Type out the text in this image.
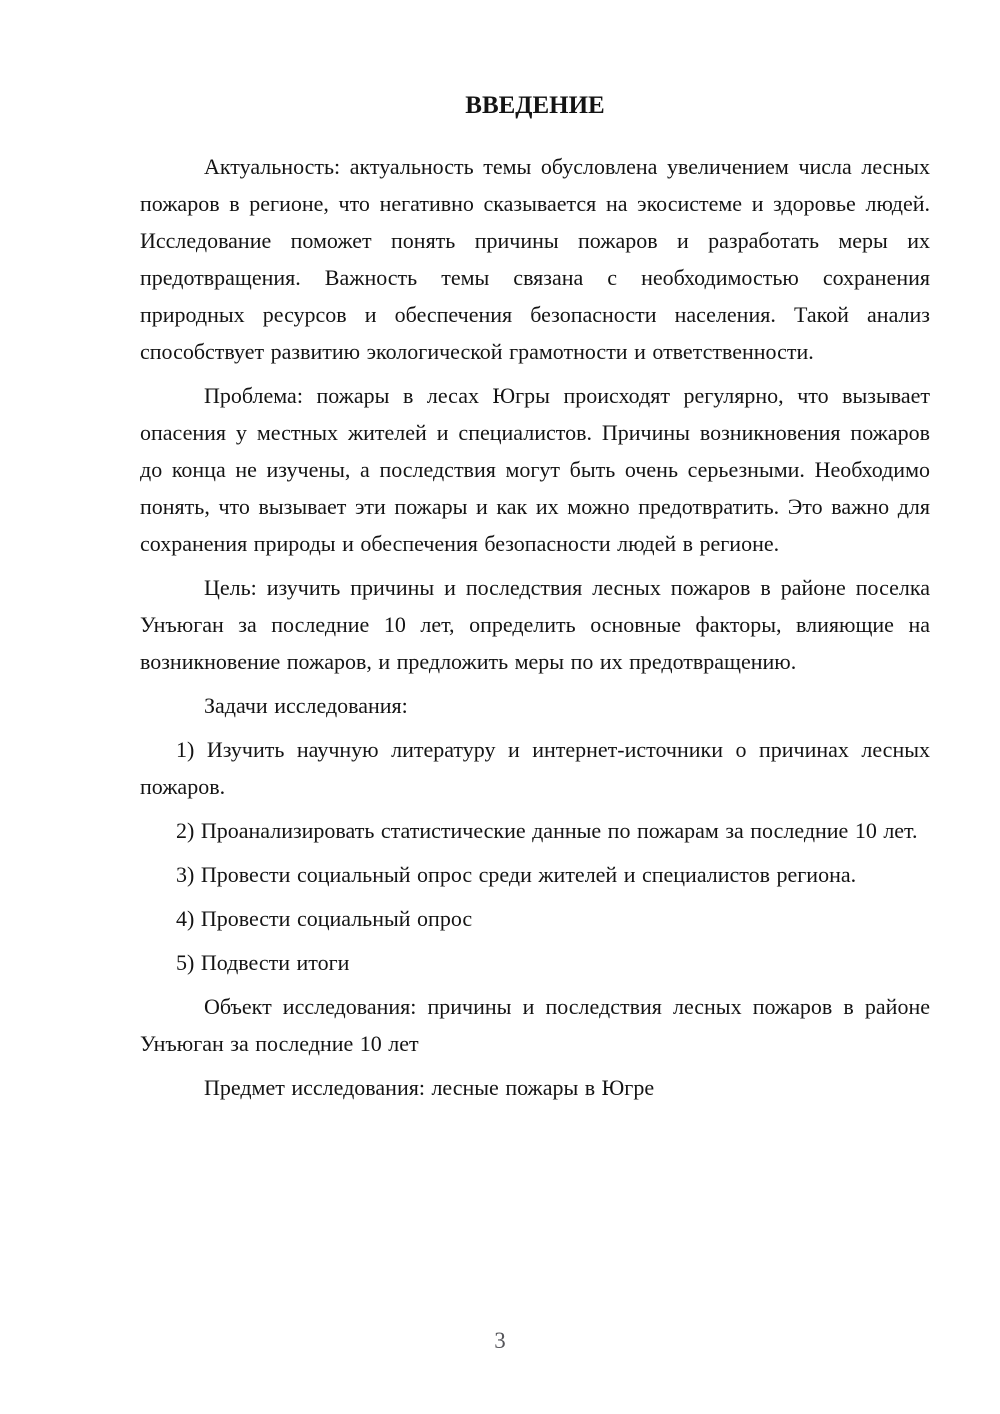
ВВЕДЕНИЕ

Актуальность: актуальность темы обусловлена увеличением числа лесных пожаров в регионе, что негативно сказывается на экосистеме и здоровье людей. Исследование поможет понять причины пожаров и разработать меры их предотвращения. Важность темы связана с необходимостью сохранения природных ресурсов и обеспечения безопасности населения. Такой анализ способствует развитию экологической грамотности и ответственности.

Проблема: пожары в лесах Югры происходят регулярно, что вызывает опасения у местных жителей и специалистов. Причины возникновения пожаров до конца не изучены, а последствия могут быть очень серьезными. Необходимо понять, что вызывает эти пожары и как их можно предотвратить. Это важно для сохранения природы и обеспечения безопасности людей в регионе.

Цель: изучить причины и последствия лесных пожаров в районе поселка Унъюган за последние 10 лет, определить основные факторы, влияющие на возникновение пожаров, и предложить меры по их предотвращению.

Задачи исследования:

1) Изучить научную литературу и интернет-источники о причинах лесных пожаров.

2) Проанализировать статистические данные по пожарам за последние 10 лет.

3) Провести социальный опрос среди жителей и специалистов региона.

4) Провести социальный опрос

5) Подвести итоги

Объект исследования: причины и последствия лесных пожаров в районе Унъюган за последние 10 лет

Предмет исследования: лесные пожары в Югре

3
